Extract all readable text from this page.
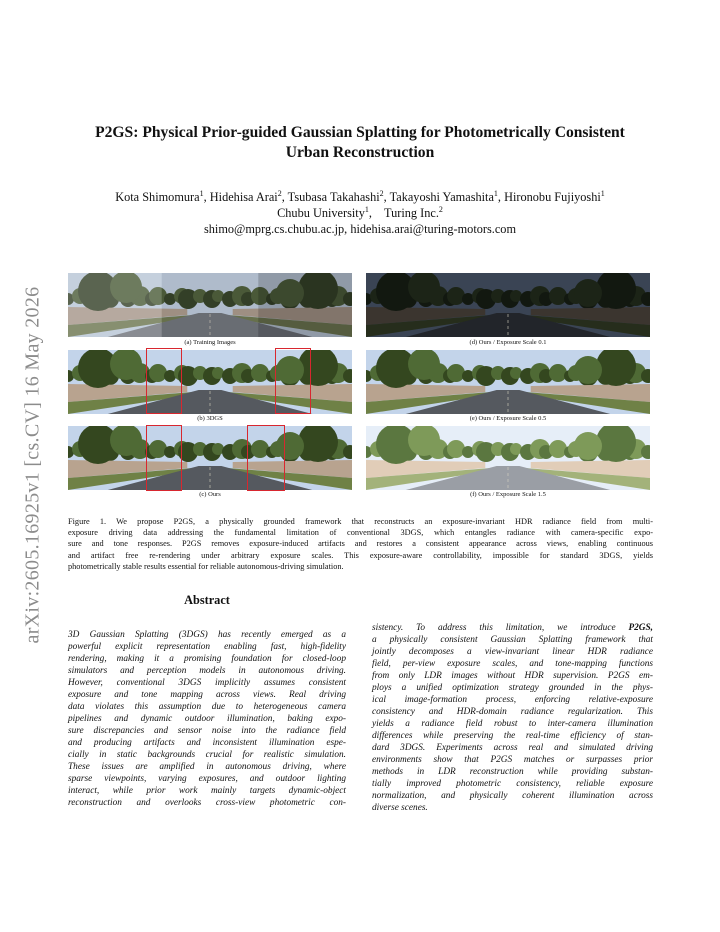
arXiv:2605.16925v1 [cs.CV] 16 May 2026
P2GS: Physical Prior-guided Gaussian Splatting for Photometrically Consistent
Urban Reconstruction
Kota Shimomura$^1$, Hidehisa Arai$^2$, Tsubasa Takahashi$^2$, Takayoshi Yamashita$^1$, Hironobu Fujiyoshi$^1$
Chubu University$^1$,    Turing Inc.$^2$
shimo@mprg.cs.chubu.ac.jp, hidehisa.arai@turing-motors.com
(a) Training Images
(b) 3DGS
(c) Ours
(d) Ours / Exposure Scale 0.1
(e) Ours / Exposure Scale 0.5
(f) Ours / Exposure Scale 1.5
Figure 1. We propose P2GS, a physically grounded framework that reconstructs an exposure-invariant HDR radiance field from multi-
exposure driving data addressing the fundamental limitation of conventional 3DGS, which entangles radiance with camera-specific expo-
sure and tone responses. P2GS removes exposure-induced artifacts and restores a consistent appearance across views, enabling continuous
and artifact free re-rendering under arbitrary exposure scales. This exposure-aware controllability, impossible for standard 3DGS, yields
photometrically stable results essential for reliable autonomous-driving simulation.
Abstract
3D Gaussian Splatting (3DGS) has recently emerged as a
powerful explicit representation enabling fast, high-fidelity
rendering, making it a promising foundation for closed-loop
simulators and perception models in autonomous driving.
However, conventional 3DGS implicitly assumes consistent
exposure and tone mapping across views. Real driving
data violates this assumption due to heterogeneous camera
pipelines and dynamic outdoor illumination, baking expo-
sure discrepancies and sensor noise into the radiance field
and producing artifacts and inconsistent illumination espe-
cially in static backgrounds crucial for realistic simulation.
These issues are amplified in autonomous driving, where
sparse viewpoints, varying exposures, and outdoor lighting
interact, while prior work mainly targets dynamic-object
reconstruction and overlooks cross-view photometric con-
sistency. To address this limitation, we introduce P2GS,
a physically consistent Gaussian Splatting framework that
jointly decomposes a view-invariant linear HDR radiance
field, per-view exposure scales, and tone-mapping functions
from only LDR images without HDR supervision. P2GS em-
ploys a unified optimization strategy grounded in the phys-
ical image-formation process, enforcing relative-exposure
consistency and HDR-domain radiance regularization. This
yields a radiance field robust to inter-camera illumination
differences while preserving the real-time efficiency of stan-
dard 3DGS. Experiments across real and simulated driving
environments show that P2GS matches or surpasses prior
methods in LDR reconstruction while providing substan-
tially improved photometric consistency, reliable exposure
normalization, and physically coherent illumination across
diverse scenes.
